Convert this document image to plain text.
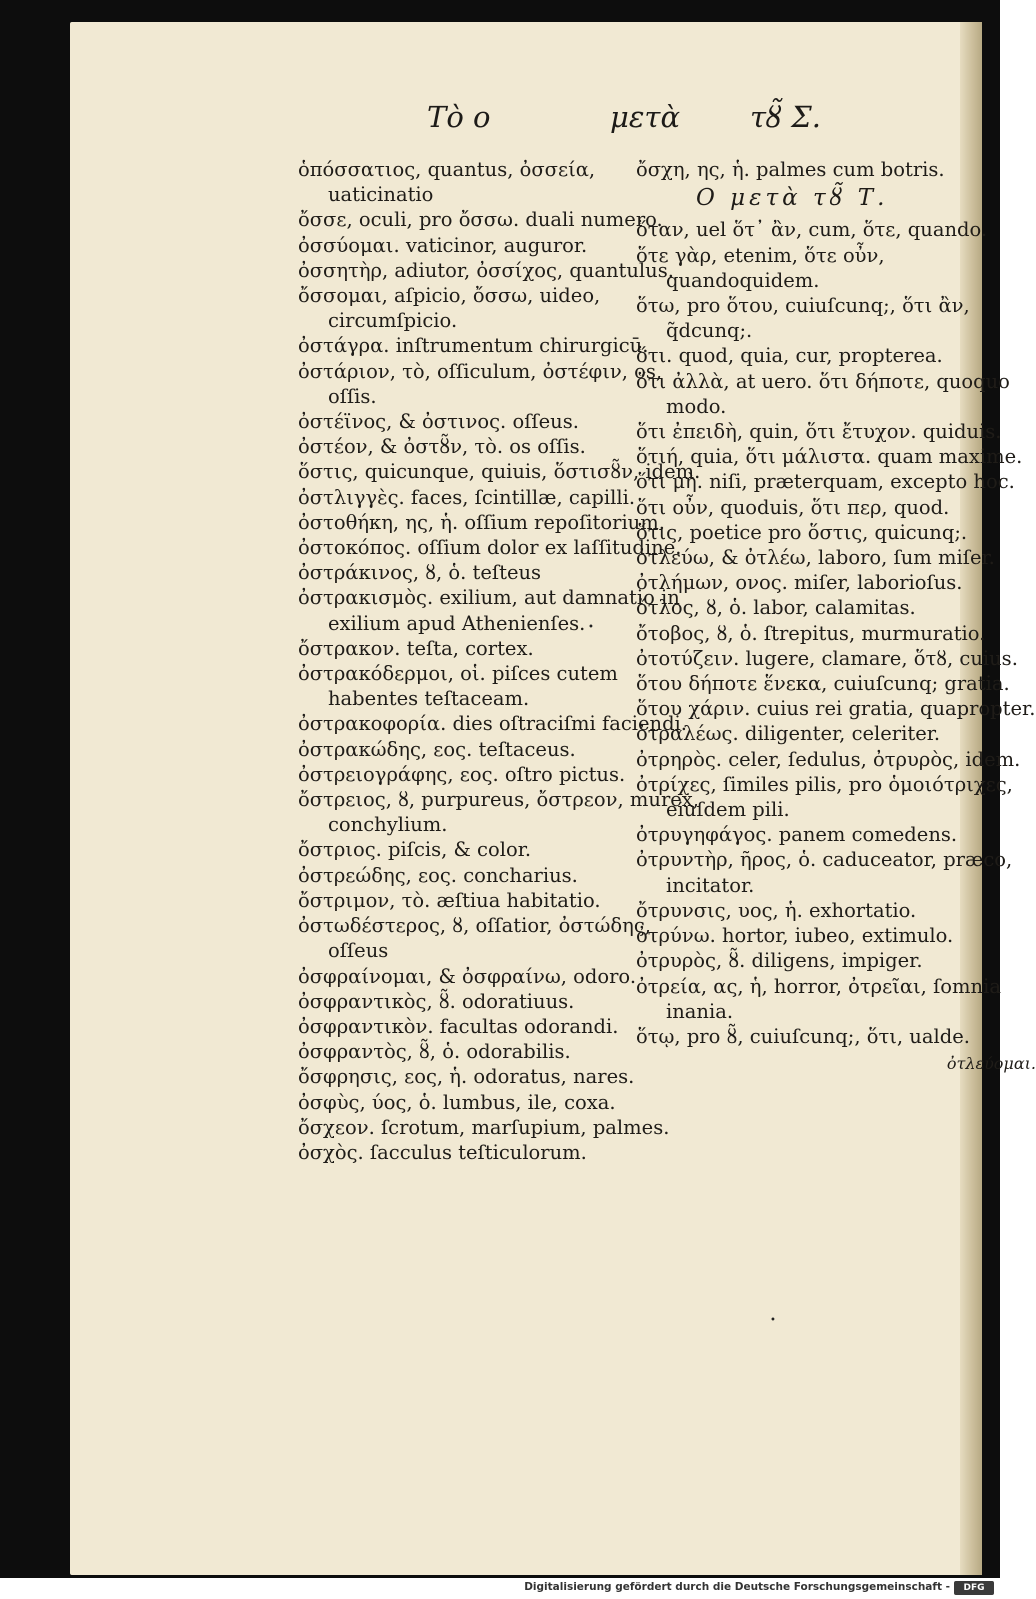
Tὸ ο	μετὰ τȣ̃ Σ.

ὁπόσσατιος, quantus, ὀσσεία, uaticinatio

ὄσσε, oculi, pro ὄσσω. duali numero.

ὀσσύομαι. vaticinor, auguror.

ὀσσητὴρ, adiutor, ὀσσίχος, quantulus.

ὄσσομαι, aſpicio, ὄσσω, uideo, circumſpicio.

ὀστάγρα. inſtrumentum chirurgicū.

ὀστάριον, τὸ, oſſiculum, ὀστέφιν, os, oſſis.

ὀστέϊνος, & ὀστινος. oſſeus.

ὀστέον, & ὀστȣ̃ν, τὸ. os oſſis.

ὅστις, quicunque, quiuis, ὅστισȣ̃ν, idem.

ὀστλιγγὲς. faces, ſcintillæ, capilli.

ὀστοθήκη, ης, ἡ. oſſium repoſitorium.

ὀστοκόπος. oſſium dolor ex laſſitudine.

ὀστράκινος, ȣ, ὁ. teſteus

ὀστρακισμὸς. exilium, aut damnatio in exilium apud Athenienſes.

ὄστρακον. teſta, cortex.

ὀστρακόδερμοι, οἱ. piſces cutem habentes teſtaceam.

ὀστρακοφορία. dies oſtraciſmi faciendi.

ὀστρακώδης, εος. teſtaceus.

ὀστρειογράφης, εος. oſtro pictus.

ὄστρειος, ȣ, purpureus, ὄστρεον, murex, conchylium.

ὄστριος. piſcis, & color.

ὀστρεώδης, εος. concharius.

ὄστριμον, τὸ. æſtiua habitatio.

ὀστωδέστερος, ȣ, oſſatior, ὀστώδης, oſſeus

ὀσφραίνομαι, & ὀσφραίνω, odoro.

ὀσφραντικὸς, ȣ̃. odoratiuus.

ὀσφραντικὸν. facultas odorandi.

ὀσφραντὸς, ȣ̃, ὁ. odorabilis.

ὄσφρησις, εος, ἡ. odoratus, nares.

ὀσφὺς, ύος, ὁ. lumbus, ile, coxa.

ὄσχεον. ſcrotum, marſupium, palmes.

ὀσχὸς. ſacculus teſticulorum.

ὄσχη, ης, ἡ. palmes cum botris.

Ο μετὰ τȣ̃ Τ.

ὅταν, uel ὅτ᾽ ἂν, cum, ὅτε, quando.

ὅτε γὰρ, etenim, ὅτε οὖν, quandoquidem.

ὅτω, pro ὅτου, cuiuſcunq;, ὅτι ἂν, q̃dcunq;.

ὅτι. quod, quia, cur, propterea.

ὅτι ἀλλὰ, at uero. ὅτι δήποτε, quoquo modo.

ὅτι ἐπειδὴ, quin, ὅτι ἔτυχον. quiduis.

ὅτιή, quia, ὅτι μάλιστα. quam maxime.

ὅτι μὴ. niſi, præterquam, excepto hoc.

ὅτι οὖν, quoduis, ὅτι περ, quod.

ὅτις, poetice pro ὅστις, quicunq;.

ὀτλεύω, & ὀτλέω, laboro, ſum miſer.

ὀτλήμων, ονος. miſer, laborioſus.

ὄτλος, ȣ, ὁ. labor, calamitas.

ὄτοβος, ȣ, ὁ. ſtrepitus, murmuratio.

ὀτοτύζειν. lugere, clamare, ὅτȣ, cuius.

ὅτου δήποτε ἕνεκα, cuiuſcunq; gratia.

ὅτου χάριν. cuius rei gratia, quapropter.

ὀτραλέως. diligenter, celeriter.

ὀτρηρὸς. celer, ſedulus, ὀτρυρὸς, idem.

ὀτρίχες, ſimiles pilis, pro ὁμοιότριχες, eiuſdem pili.

ὀτρυγηφάγος. panem comedens.

ὀτρυντὴρ, ῆρος, ὁ. caduceator, præco, incitator.

ὄτρυνσις, υος, ἡ. exhortatio.

ὀτρύνω. hortor, iubeo, extimulo.

ὀτρυρὸς, ȣ̃. diligens, impiger.

ὀτρεία, ας, ἡ, horror, ὀτρεῖαι, ſomnia inania.

ὅτῳ, pro ȣ̃, cuiuſcunq;, ὅτι, ualde.

ὀτλεύομαι.
•
•
Digitalisierung gefördert durch die Deutsche Forschungsgemeinschaft -	DFG
